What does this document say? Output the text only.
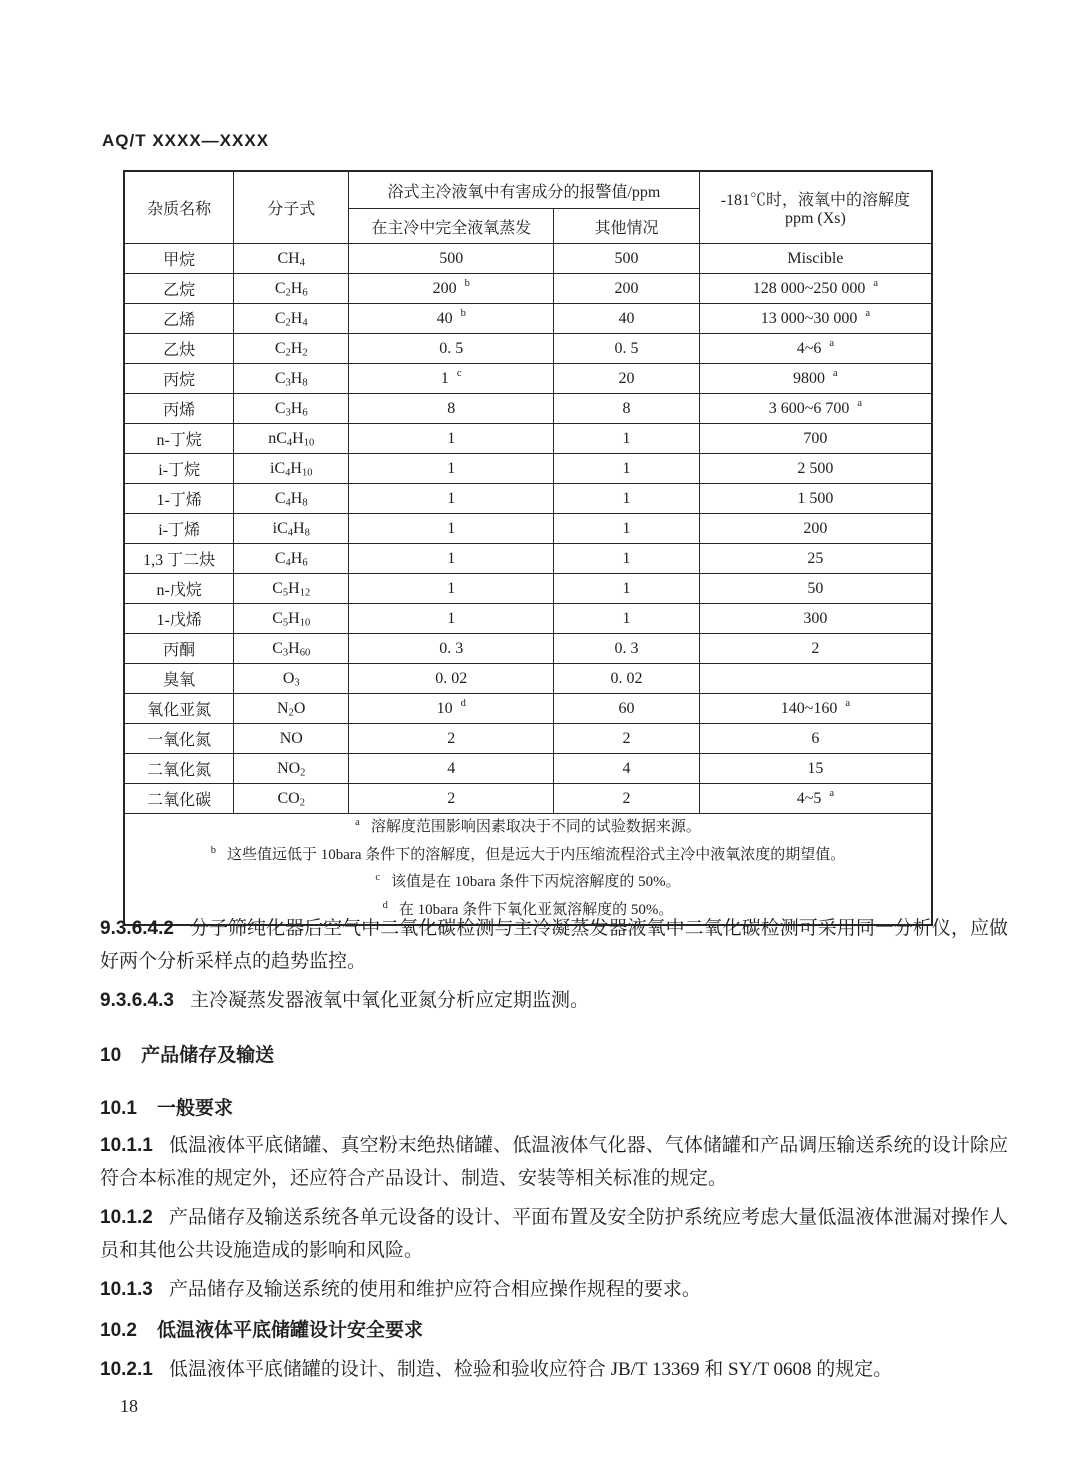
AQ/T XXXX—XXXX
杂质名称	分子式	浴式主冷液氧中有害成分的报警值/ppm		-181℃时，液氧中的溶解度
ppm (Xs)

		在主冷中完全液氧蒸发	其他情况	
甲烷	$CH_4$	500	500	Miscible
乙烷	$C_2H_6$	200 $^b$	200	128 000~250 000 $^a$
乙烯	$C_2H_4$	40 $^b$	40	13 000~30 000 $^a$
乙炔	$C_2H_2$	0. 5	0. 5	4~6 $^a$
丙烷	$C_3H_8$	1 $^c$	20	9800 $^a$
丙烯	$C_3H_6$	8	8	3 600~6 700 $^a$
n-丁烷	$nC_4H_{10}$	1	1	700
i-丁烷	$iC_4H_{10}$	1	1	2 500
1-丁烯	$C_4H_8$	1	1	1 500
i-丁烯	$iC_4H_8$	1	1	200
1,3 丁二炔	$C_4H_6$	1	1	25
n-戊烷	$C_5H_{12}$	1	1	50
1-戊烯	$C_5H_{10}$	1	1	300
丙酮	$C_3H_{60}$	0. 3	0. 3	2
臭氧	$O_3$	0. 02	0. 02	
氧化亚氮	$N_2O$	10 $^d$	60	140~160 $^a$
一氧化氮	NO	2	2	6
二氧化氮	$NO_2$	4	4	15
二氧化碳	$CO_2$	2	2	4~5 $^a$

$^a$ 溶解度范围影响因素取决于不同的试验数据来源。
$^b$ 这些值远低于 10bara 条件下的溶解度，但是远大于内压缩流程浴式主冷中液氧浓度的期望值。
$^c$ 该值是在 10bara 条件下丙烷溶解度的 50%。
$^d$ 在 10bara 条件下氧化亚氮溶解度的 50%。				
9.3.6.4.2 分子筛纯化器后空气中二氧化碳检测与主冷凝蒸发器液氧中二氧化碳检测可采用同一分析仪，应做好两个分析采样点的趋势监控。
9.3.6.4.3 主冷凝蒸发器液氧中氧化亚氮分析应定期监测。
10 产品储存及输送
10.1 一般要求
10.1.1 低温液体平底储罐、真空粉末绝热储罐、低温液体气化器、气体储罐和产品调压输送系统的设计除应符合本标准的规定外，还应符合产品设计、制造、安装等相关标准的规定。
10.1.2 产品储存及输送系统各单元设备的设计、平面布置及安全防护系统应考虑大量低温液体泄漏对操作人员和其他公共设施造成的影响和风险。
10.1.3 产品储存及输送系统的使用和维护应符合相应操作规程的要求。
10.2 低温液体平底储罐设计安全要求
10.2.1 低温液体平底储罐的设计、制造、检验和验收应符合 JB/T 13369 和 SY/T 0608 的规定。
18
